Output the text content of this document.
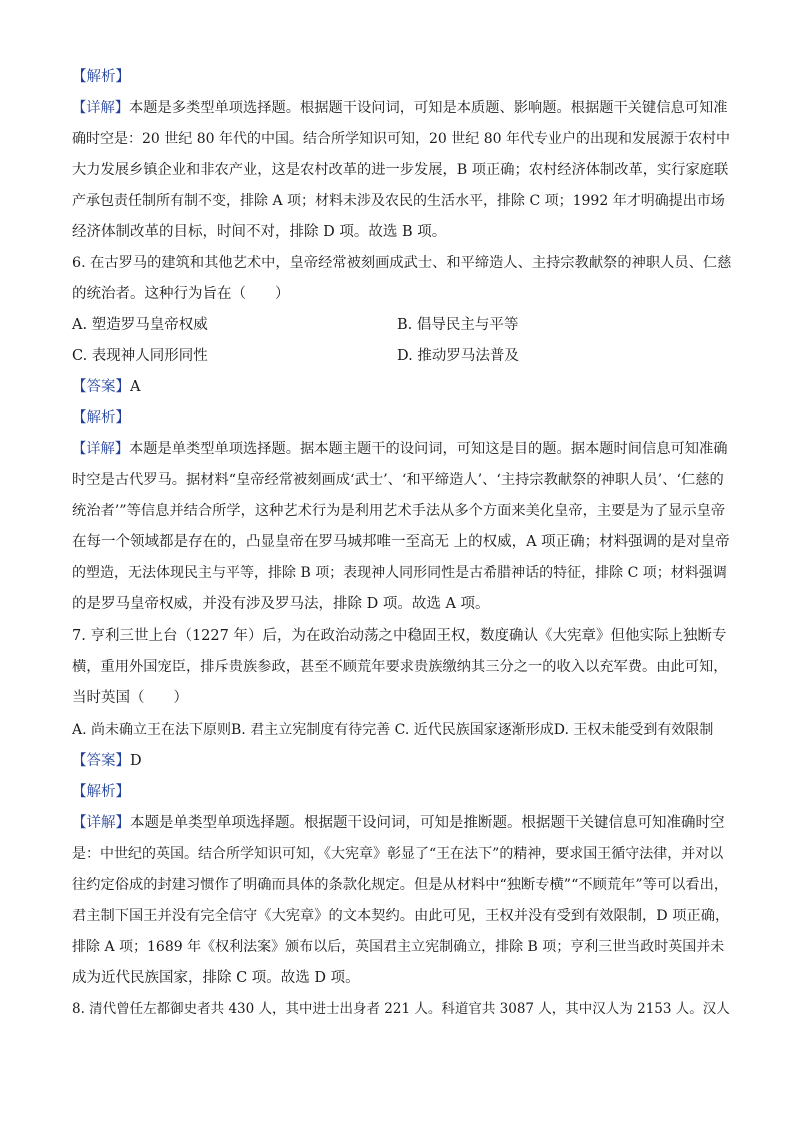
【解析】
【详解】本题是多类型单项选择题。根据题干设问词，可知是本质题、影响题。根据题干关键信息可知准
确时空是：20 世纪 80 年代的中国。结合所学知识可知，20 世纪 80 年代专业户的出现和发展源于农村中
大力发展乡镇企业和非农产业，这是农村改革的进一步发展，B 项正确；农村经济体制改革，实行家庭联
产承包责任制所有制不变，排除 A 项；材料未涉及农民的生活水平，排除 C 项；1992 年才明确提出市场
经济体制改革的目标，时间不对，排除 D 项。故选 B 项。
6. 在古罗马的建筑和其他艺术中，皇帝经常被刻画成武士、和平缔造人、主持宗教献祭的神职人员、仁慈
的统治者。这种行为旨在（　　）
A. 塑造罗马皇帝权威	B. 倡导民主与平等
C. 表现神人同形同性	D. 推动罗马法普及
【答案】A
【解析】
【详解】本题是单类型单项选择题。据本题主题干的设问词，可知这是目的题。据本题时间信息可知准确
时空是古代罗马。据材料“皇帝经常被刻画成‘武士’、‘和平缔造人’、‘主持宗教献祭的神职人员’、‘仁慈的
统治者’”等信息并结合所学，这种艺术行为是利用艺术手法从多个方面来美化皇帝，主要是为了显示皇帝
在每一个领域都是存在的，凸显皇帝在罗马城邦唯一至高无 上的权威，A 项正确；材料强调的是对皇帝
的塑造，无法体现民主与平等，排除 B 项；表现神人同形同性是古希腊神话的特征，排除 C 项；材料强调
的是罗马皇帝权威，并没有涉及罗马法，排除 D 项。故选 A 项。
7. 亨利三世上台（1227 年）后，为在政治动荡之中稳固王权，数度确认《大宪章》但他实际上独断专
横，重用外国宠臣，排斥贵族参政，甚至不顾荒年要求贵族缴纳其三分之一的收入以充军费。由此可知，
当时英国（　　）
A. 尚未确立王在法下原则B. 君主立宪制度有待完善 C. 近代民族国家逐渐形成D. 王权未能受到有效限制
【答案】D
【解析】
【详解】本题是单类型单项选择题。根据题干设问词，可知是推断题。根据题干关键信息可知准确时空
是：中世纪的英国。结合所学知识可知，《大宪章》彰显了“王在法下”的精神，要求国王循守法律，并对以
往约定俗成的封建习惯作了明确而具体的条款化规定。但是从材料中“独断专横”“不顾荒年”等可以看出，
君主制下国王并没有完全信守《大宪章》的文本契约。由此可见，王权并没有受到有效限制，D 项正确，
排除 A 项；1689 年《权利法案》颁布以后，英国君主立宪制确立，排除 B 项；亨利三世当政时英国并未
成为近代民族国家，排除 C 项。故选 D 项。
8. 清代曾任左都御史者共 430 人，其中进士出身者 221 人。科道官共 3087 人，其中汉人为 2153 人。汉人
